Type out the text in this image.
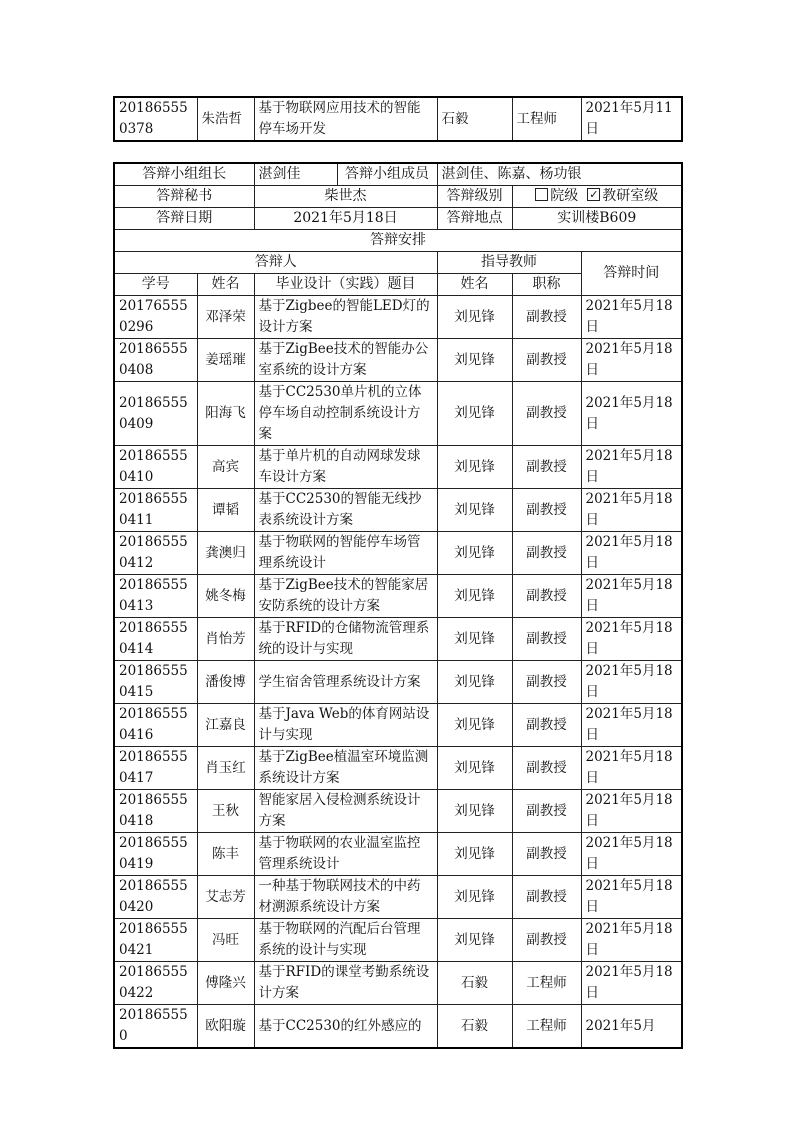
201865550378	朱浩哲	基于物联网应用技术的智能停车场开发	石毅	工程师	2021年5月11日
答辩小组组长		湛剑佳	答辩小组成员	湛剑佳、陈嘉、杨功银		
答辩秘书		柴世杰		答辩级别	院级 ✓ 教研室级
答辩日期		2021年5月18日		答辩地点	实训楼B609	
答辩安排						
答辩人				指导教师		答辩时间
学号	姓名	毕业设计（实践）题目		姓名	职称	
201765550296	邓泽荣	基于Zigbee的智能LED灯的设计方案		刘见锋	副教授	2021年5月18日
201865550408	姜瑶璀	基于ZigBee技术的智能办公室系统的设计方案		刘见锋	副教授	2021年5月18日
201865550409	阳海飞	基于CC2530单片机的立体停车场自动控制系统设计方案		刘见锋	副教授	2021年5月18日
201865550410	高宾	基于单片机的自动网球发球车设计方案		刘见锋	副教授	2021年5月18日
201865550411	谭韬	基于CC2530的智能无线抄表系统设计方案		刘见锋	副教授	2021年5月18日
201865550412	龚澳归	基于物联网的智能停车场管理系统设计		刘见锋	副教授	2021年5月18日
201865550413	姚冬梅	基于ZigBee技术的智能家居安防系统的设计方案		刘见锋	副教授	2021年5月18日
201865550414	肖怡芳	基于RFID的仓储物流管理系统的设计与实现		刘见锋	副教授	2021年5月18日
201865550415	潘俊博	学生宿舍管理系统设计方案		刘见锋	副教授	2021年5月18日
201865550416	江嘉良	基于Java Web的体育网站设计与实现		刘见锋	副教授	2021年5月18日
201865550417	肖玉红	基于ZigBee植温室环境监测系统设计方案		刘见锋	副教授	2021年5月18日
201865550418	王秋	智能家居入侵检测系统设计方案		刘见锋	副教授	2021年5月18日
201865550419	陈丰	基于物联网的农业温室监控管理系统设计		刘见锋	副教授	2021年5月18日
201865550420	艾志芳	一种基于物联网技术的中药材溯源系统设计方案		刘见锋	副教授	2021年5月18日
201865550421	冯旺	基于物联网的汽配后台管理系统的设计与实现		刘见锋	副教授	2021年5月18日
201865550422	傅隆兴	基于RFID的课堂考勤系统设计方案		石毅	工程师	2021年5月18日
201865550	欧阳璇	基于CC2530的红外感应的		石毅	工程师	2021年5月
